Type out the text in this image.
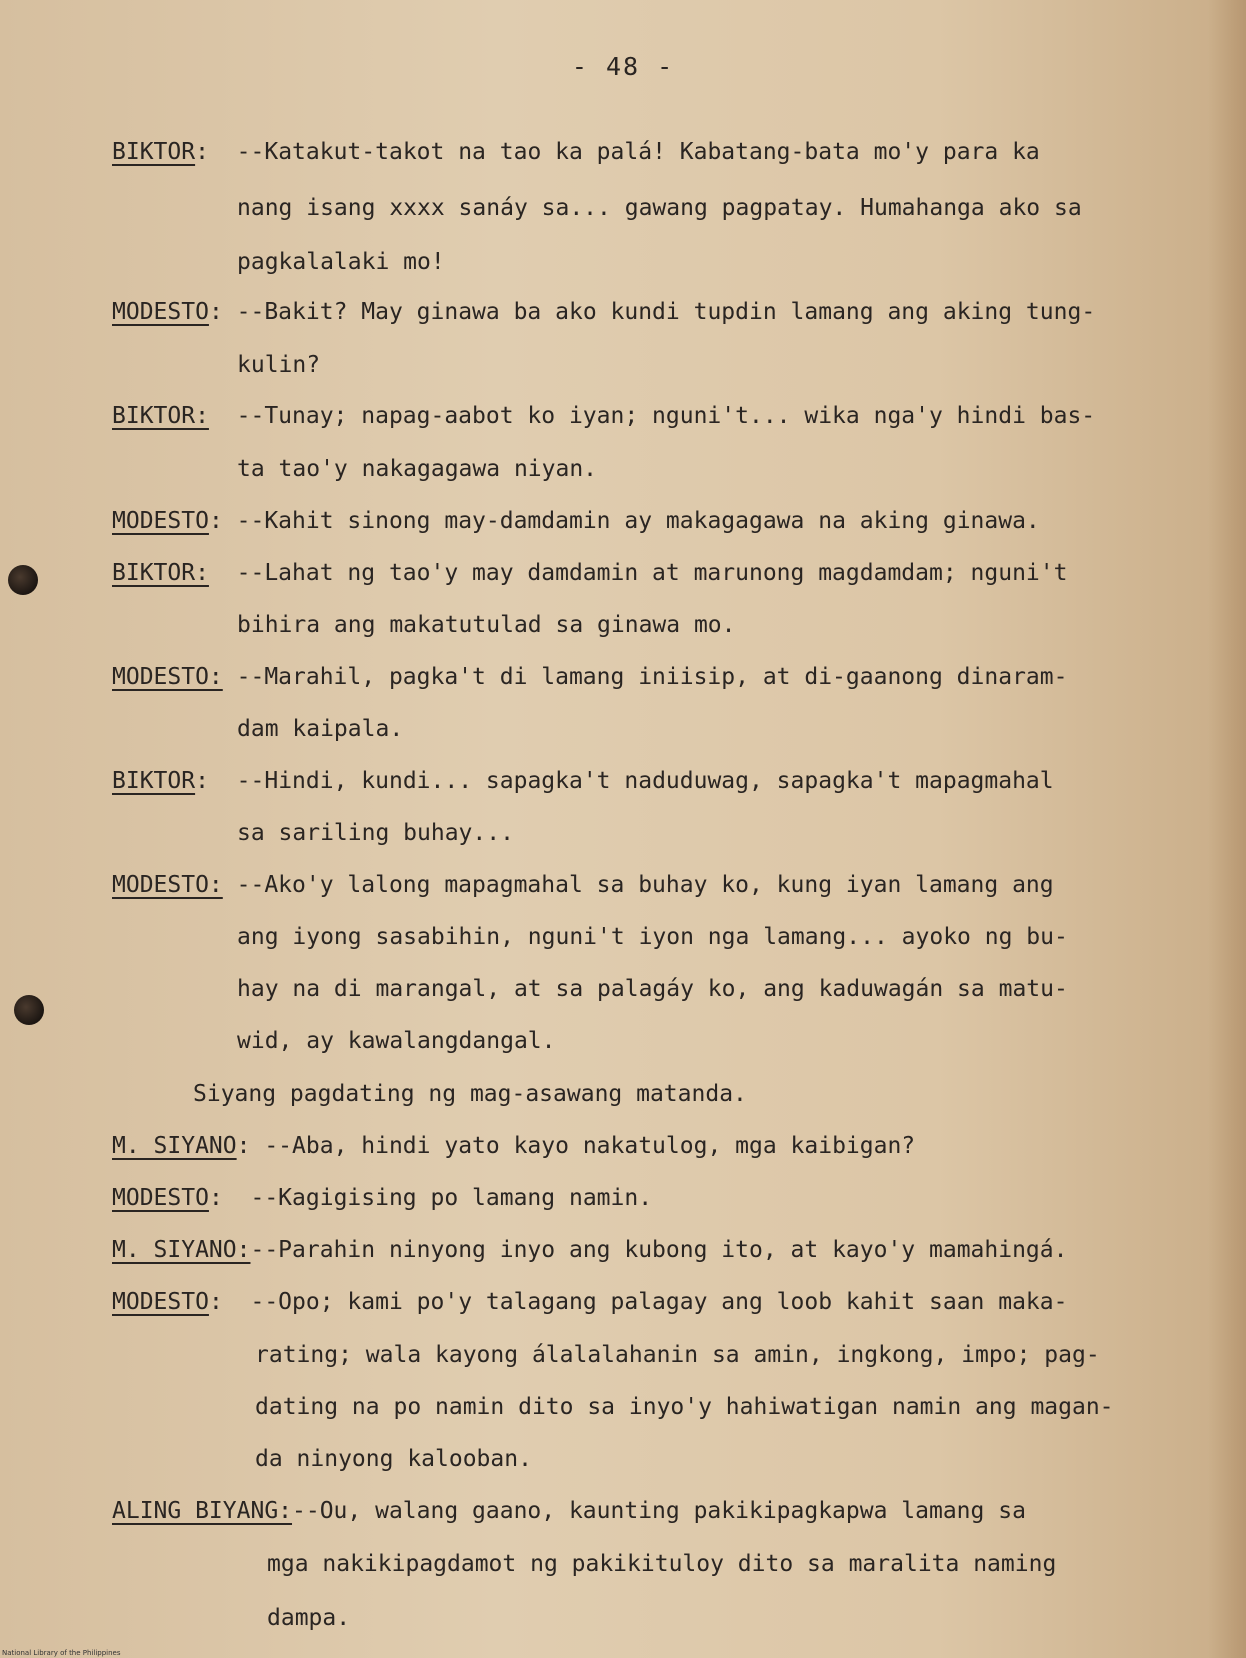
- 48 -
BIKTOR:  --Katakut-takot na tao ka palá! Kabatang-bata mo'y para ka
nang isang xxxx sanáy sa... gawang pagpatay. Humahanga ako sa
pagkalalaki mo!
MODESTO: --Bakit? May ginawa ba ako kundi tupdin lamang ang aking tung-
kulin?
BIKTOR:  --Tunay; napag-aabot ko iyan; nguni't... wika nga'y hindi bas-
ta tao'y nakagagawa niyan.
MODESTO: --Kahit sinong may-damdamin ay makagagawa na aking ginawa.
BIKTOR:  --Lahat ng tao'y may damdamin at marunong magdamdam; nguni't
bihira ang makatutulad sa ginawa mo.
MODESTO: --Marahil, pagka't di lamang iniisip, at di-gaanong dinaram-
dam kaipala.
BIKTOR:  --Hindi, kundi... sapagka't naduduwag, sapagka't mapagmahal
sa sariling buhay...
MODESTO: --Ako'y lalong mapagmahal sa buhay ko, kung iyan lamang ang
ang iyong sasabihin, nguni't iyon nga lamang... ayoko ng bu-
hay na di marangal, at sa palagáy ko, ang kaduwagán sa matu-
wid, ay kawalangdangal.
Siyang pagdating ng mag-asawang matanda.
M. SIYANO: --Aba, hindi yato kayo nakatulog, mga kaibigan?
MODESTO:  --Kagigising po lamang namin.
M. SIYANO:--Parahin ninyong inyo ang kubong ito, at kayo'y mamahingá.
MODESTO:  --Opo; kami po'y talagang palagay ang loob kahit saan maka-
rating; wala kayong álalalahanin sa amin, ingkong, impo; pag-
dating na po namin dito sa inyo'y hahiwatigan namin ang magan-
da ninyong kalooban.
ALING BIYANG:--Ou, walang gaano, kaunting pakikipagkapwa lamang sa
mga nakikipagdamot ng pakikituloy dito sa maralita naming
dampa.
National Library of the Philippines
